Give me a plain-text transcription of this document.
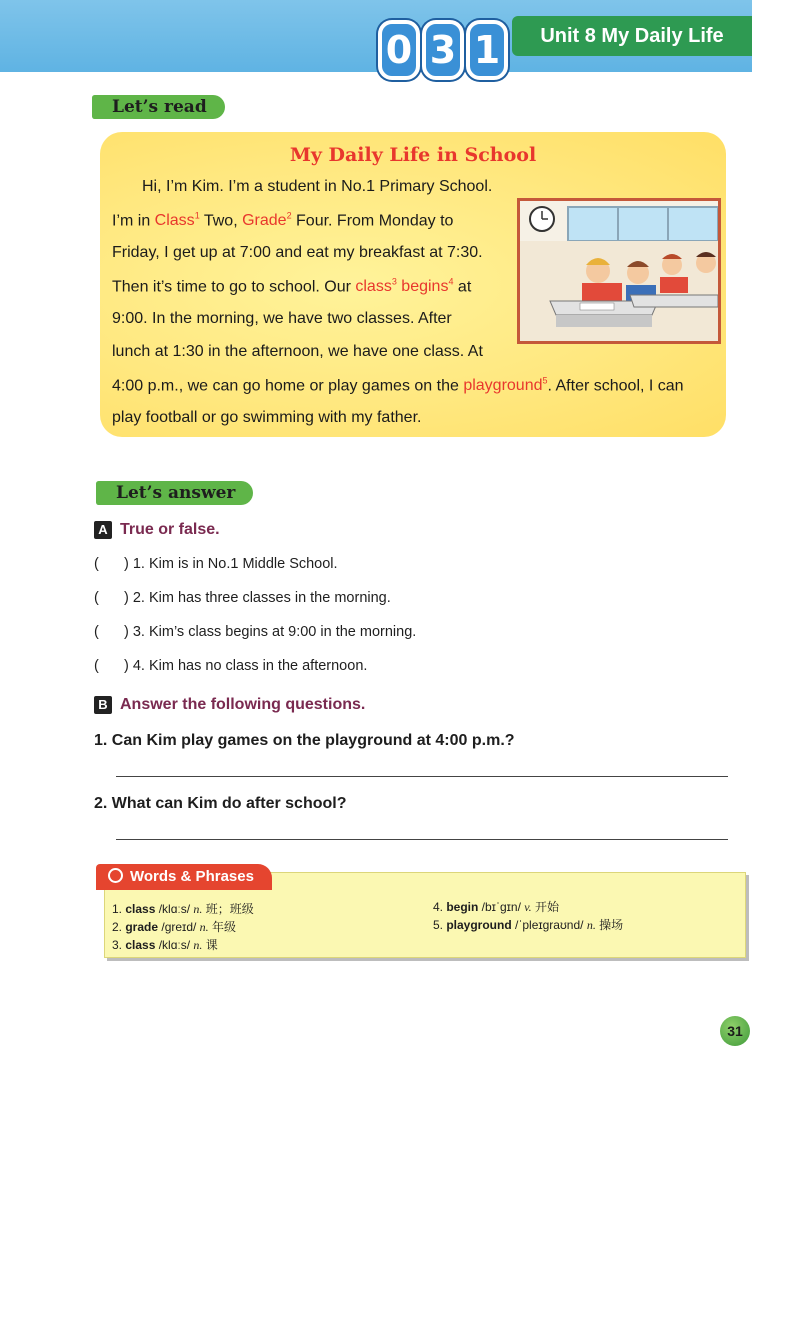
0 3 1	Unit 8 My Daily Life
Let’s read
My Daily Life in School
Hi, I’m Kim. I’m a student in No.1 Primary School.
I’m in Class$^1$ Two, Grade$^2$ Four. From Monday to
Friday, I get up at 7:00 and eat my breakfast at 7:30.
Then it’s time to go to school. Our class$^3$ begins$^4$ at
9:00. In the morning, we have two classes. After
lunch at 1:30 in the afternoon, we have one class. At
4:00 p.m., we can go home or play games on the playground$^5$. After school, I can
play football or go swimming with my father.
Let’s answer
A True or false.
( ) 1. Kim is in No.1 Middle School.
( ) 2. Kim has three classes in the morning.
( ) 3. Kim’s class begins at 9:00 in the morning.
( ) 4. Kim has no class in the afternoon.
B Answer the following questions.
1. Can Kim play games on the playground at 4:00 p.m.?
2. What can Kim do after school?
Words & Phrases
1. class /klɑːs/ n. 班；班级
2. grade /ɡreɪd/ n. 年级
3. class /klɑːs/ n. 课
4. begin /bɪˈɡɪn/ v. 开始
5. playground /ˈpleɪɡraʊnd/ n. 操场
31
